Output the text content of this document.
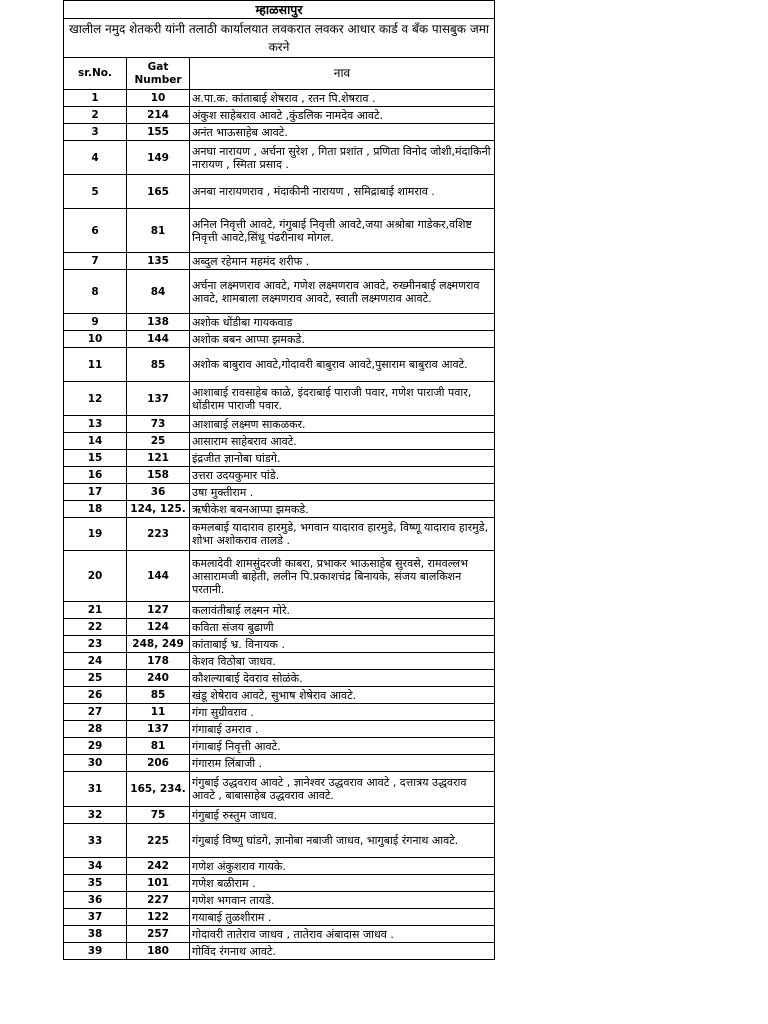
म्हाळसापुर		
खालील नमुद शेतकरी यांनी तलाठी कार्यालयात लवकरात लवकर आधार कार्ड व बँक पासबुक जमा करने		
sr.No.	Gat Number	नाव
1	10	अ.पा.क. कांताबाई शेषराव , रतन पि.शेषराव .
2	214	अंकुश साहेबराव आवटे ,कुंडलिक नामदेव आवटे.
3	155	अनंत भाऊसाहेब आवटे.
4	149	अनघा नारायण , अर्चना सुरेश , गिता प्रशांत , प्रणिता विनोद जोशी,मंदाकिनी नारायण , स्मिता प्रसाद .
5	165	अनबा नारायणराव , मंदाकीनी नारायण , समिद्राबाई शामराव .
6	81	अनिल निवृत्ती आवटे, गंगुबाई निवृत्ती आवटे,जया अश्रोबा गाडेकर,वशिष्ट निवृत्ती आवटे,सिंधू पंढरीनाथ मोगल.
7	135	अब्दुल रहेमान महमंद शरीफ .
8	84	अर्चना लक्ष्मणराव आवटे, गणेश लक्ष्मणराव आवटे, रुख्मीनबाई लक्ष्मणराव आवटे, शामबाला लक्ष्मणराव आवटे, स्वाती लक्ष्मणराव आवटे.
9	138	अशोक धोंडीबा गायकवाड
10	144	अशोक बबन आप्पा झमकडे.
11	85	अशोक बाबुराव आवटे,गोदावरी बाबुराव आवटे,पुसाराम बाबुराव आवटे.
12	137	आशाबाई रावसाहेब काळे, इंदराबाई पाराजी पवार, गणेश पाराजी पवार, धोंडीराम पाराजी पवार.
13	73	आशाबाई लक्ष्मण साकळकर.
14	25	आसाराम साहेबराव आवटे.
15	121	इंद्रजीत ज्ञानोबा घांडगे.
16	158	उत्तरा उदयकुमार पांडे.
17	36	उषा मुक्तीराम .
18	124, 125.	ऋषीकेश बबनआप्पा झमकडे.
19	223	कमलबाई यादाराव हारमुडे, भगवान यादाराव हारमुडे, विष्णू यादाराव हारमुडे, शोभा अशोकराव तालडे .
20	144	कमलादेवी शामसुंदरजी काबरा, प्रभाकर भाऊसाहेब सुरवसे, रामवल्लभ आसारामजी बाहेती, ललीन पि.प्रकाशचंद्र बिनायके, संजय बालकिशन परतानी.
21	127	कलावंतीबाई लक्ष्मन मोरे.
22	124	कविता संजय बुढाणी
23	248, 249	कांताबाई भ्र. विनायक .
24	178	केशव विठोबा जाधव.
25	240	कौशल्याबाई देवराव सोळंके.
26	85	खंडू शेषेराव आवटे, सुभाष शेषेराव आवटे.
27	11	गंगा सुग्रीवराव .
28	137	गंगाबाई उमराव .
29	81	गंगाबाई निवृत्ती आवटे.
30	206	गंगाराम लिंबाजी .
31	165, 234.	गंगुबाई उद्धवराव आवटे , ज्ञानेश्वर उद्धवराव आवटे , दत्तात्रय उद्धवराव आवटे , बाबासाहेब उद्धवराव आवटे.
32	75	गंगुबाई रुस्तुम जाधव.
33	225	गंगुबाई विष्णु घांडगे, ज्ञानोबा नबाजी जाधव, भागुबाई रंगनाथ आवटे.
34	242	गणेश अंकुशराव गायके.
35	101	गणेश बळीराम .
36	227	गणेश भगवान तायडे.
37	122	गयाबाई तुळशीराम .
38	257	गोदावरी तातेराव जाधव , तातेराव अंबादास जाधव .
39	180	गोविंद रंगनाथ आवटे.
